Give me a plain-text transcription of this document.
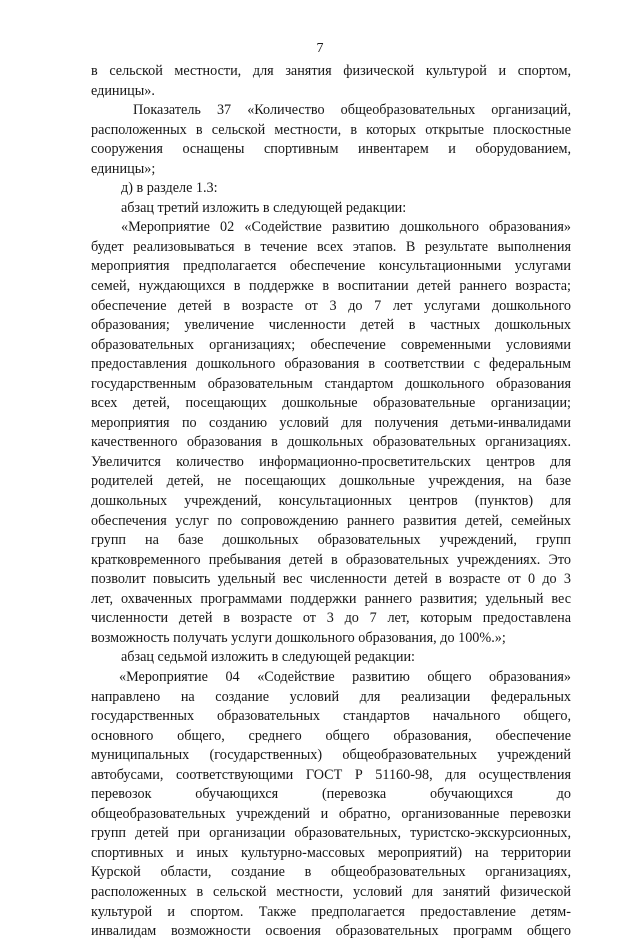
7
в сельской местности, для занятия физической культурой и спортом,
единицы».
Показатель 37 «Количество общеобразовательных организаций,
расположенных в сельской местности, в которых открытые плоскостные
сооружения оснащены спортивным инвентарем и оборудованием,
единицы»;
д) в разделе 1.3:
абзац третий изложить в следующей редакции:
«Мероприятие 02 «Содействие развитию дошкольного образования»
будет реализовываться в течение всех этапов. В результате выполнения
мероприятия предполагается обеспечение консультационными услугами
семей, нуждающихся в поддержке в воспитании детей раннего возраста;
обеспечение детей в возрасте от 3 до 7 лет услугами дошкольного
образования; увеличение численности детей в частных дошкольных
образовательных организациях; обеспечение современными условиями
предоставления дошкольного образования в соответствии с федеральным
государственным образовательным стандартом дошкольного образования
всех детей, посещающих дошкольные образовательные организации;
мероприятия по созданию условий для получения детьми-инвалидами
качественного образования в дошкольных образовательных организациях.
Увеличится количество информационно-просветительских центров для
родителей детей, не посещающих дошкольные учреждения, на базе
дошкольных учреждений, консультационных центров (пунктов) для
обеспечения услуг по сопровождению раннего развития детей, семейных
групп на базе дошкольных образовательных учреждений, групп
кратковременного пребывания детей в образовательных учреждениях. Это
позволит повысить удельный вес численности детей в возрасте от 0 до 3
лет, охваченных программами поддержки раннего развития; удельный вес
численности детей в возрасте от 3 до 7 лет, которым предоставлена
возможность получать услуги дошкольного образования, до 100%.»;
абзац седьмой изложить в следующей редакции:
«Мероприятие 04 «Содействие развитию общего образования»
направлено на создание условий для реализации федеральных
государственных образовательных стандартов начального общего,
основного общего, среднего общего образования, обеспечение
муниципальных (государственных) общеобразовательных учреждений
автобусами, соответствующими ГОСТ Р 51160-98, для осуществления
перевозок обучающихся (перевозка обучающихся до
общеобразовательных учреждений и обратно, организованные перевозки
групп детей при организации образовательных, туристско-экскурсионных,
спортивных и иных культурно-массовых мероприятий) на территории
Курской области, создание в общеобразовательных организациях,
расположенных в сельской местности, условий для занятий физической
культурой и спортом. Также предполагается предоставление детям-
инвалидам возможности освоения образовательных программ общего
